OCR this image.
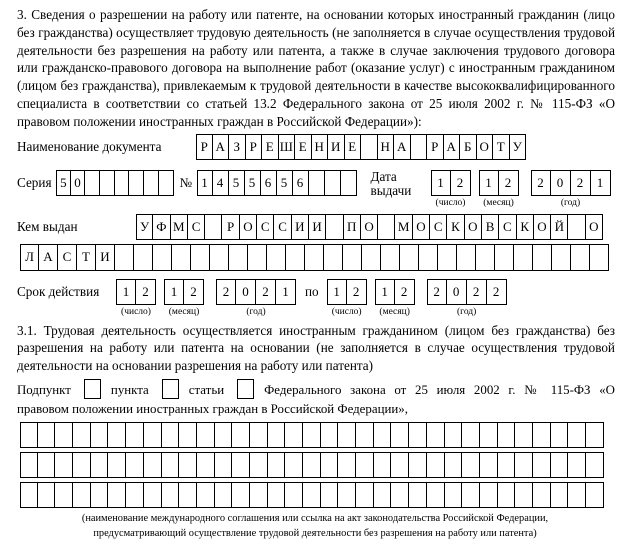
3. Сведения о разрешении на работу или патенте, на основании которых иностранный гражданин (лицо без гражданства) осуществляет трудовую деятельность (не заполняется в случае осуществления трудовой деятельности без разрешения на работу или патента, а также в случае заключения трудового договора или гражданско-правового договора на выполнение работ (оказание услуг) с иностранным гражданином (лицом без гражданства), привлекаемым к трудовой деятельности в качестве высококвалифицированного специалиста в соответствии со статьей 13.2 Федерального закона от 25 июля 2002 г. № 115-ФЗ «О правовом положении иностранных граждан в Российской Федерации»):

Наименование документа	Р А З Р Е Ш Е Н И Е	Н А	Р А Б О Т У
Серия 5 0	№ 1 4 5 5 6 5 6	Дата выдачи
1	2
(число)
1	2
(месяц)
2	0	2	1
(год)
Кем выдан	У Ф М С	Р О С С И И	П О	М О С К О В С К О Й	О
Л А С Т И
Срок действия	1	2
(число)
1	2
(месяц)
2	0	2	1
(год)
по	1	2
(число)
1	2
(месяц)
2	0	2	2
(год)

3.1. Трудовая деятельность осуществляется иностранным гражданином (лицом без гражданства) без разрешения на работу или патента на основании (не заполняется в случае осуществления трудовой деятельности на основании разрешения на работу или патента)

Подпункт	пункта	статьи	Федерального закона от 25 июля 2002 г. № 115-ФЗ «О правовом положении иностранных граждан в Российской Федерации»,

(наименование международного соглашения или ссылка на акт законодательства Российской Федерации,
предусматривающий осуществление трудовой деятельности без разрешения на работу или патента)
